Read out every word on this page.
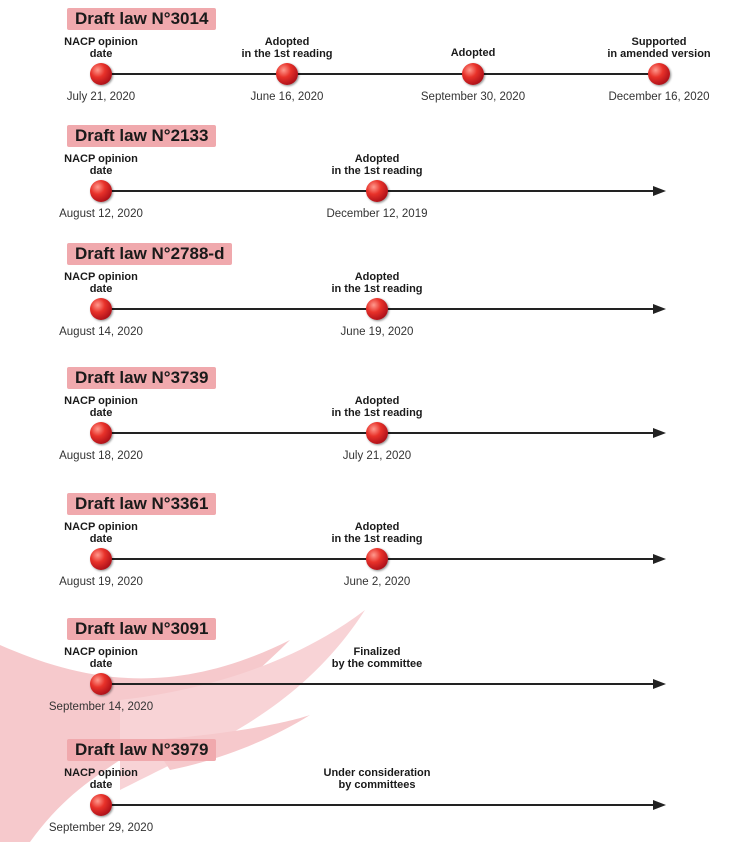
Draft law N°3014
NACP opinion
date
July 21, 2020
Adopted
in the 1st reading
June 16, 2020
Adopted
September 30, 2020
Supported
in amended version
December 16, 2020
Draft law N°2133
NACP opinion
date
August 12, 2020
Adopted
in the 1st reading
December 12, 2019
Draft law N°2788-d
NACP opinion
date
August 14, 2020
Adopted
in the 1st reading
June 19, 2020
Draft law N°3739
NACP opinion
date
August 18, 2020
Adopted
in the 1st reading
July 21, 2020
Draft law N°3361
NACP opinion
date
August 19, 2020
Adopted
in the 1st reading
June 2, 2020
Draft law N°3091
NACP opinion
date
September 14, 2020
Finalized
by the committee
Draft law N°3979
NACP opinion
date
September 29, 2020
Under consideration
by committees
